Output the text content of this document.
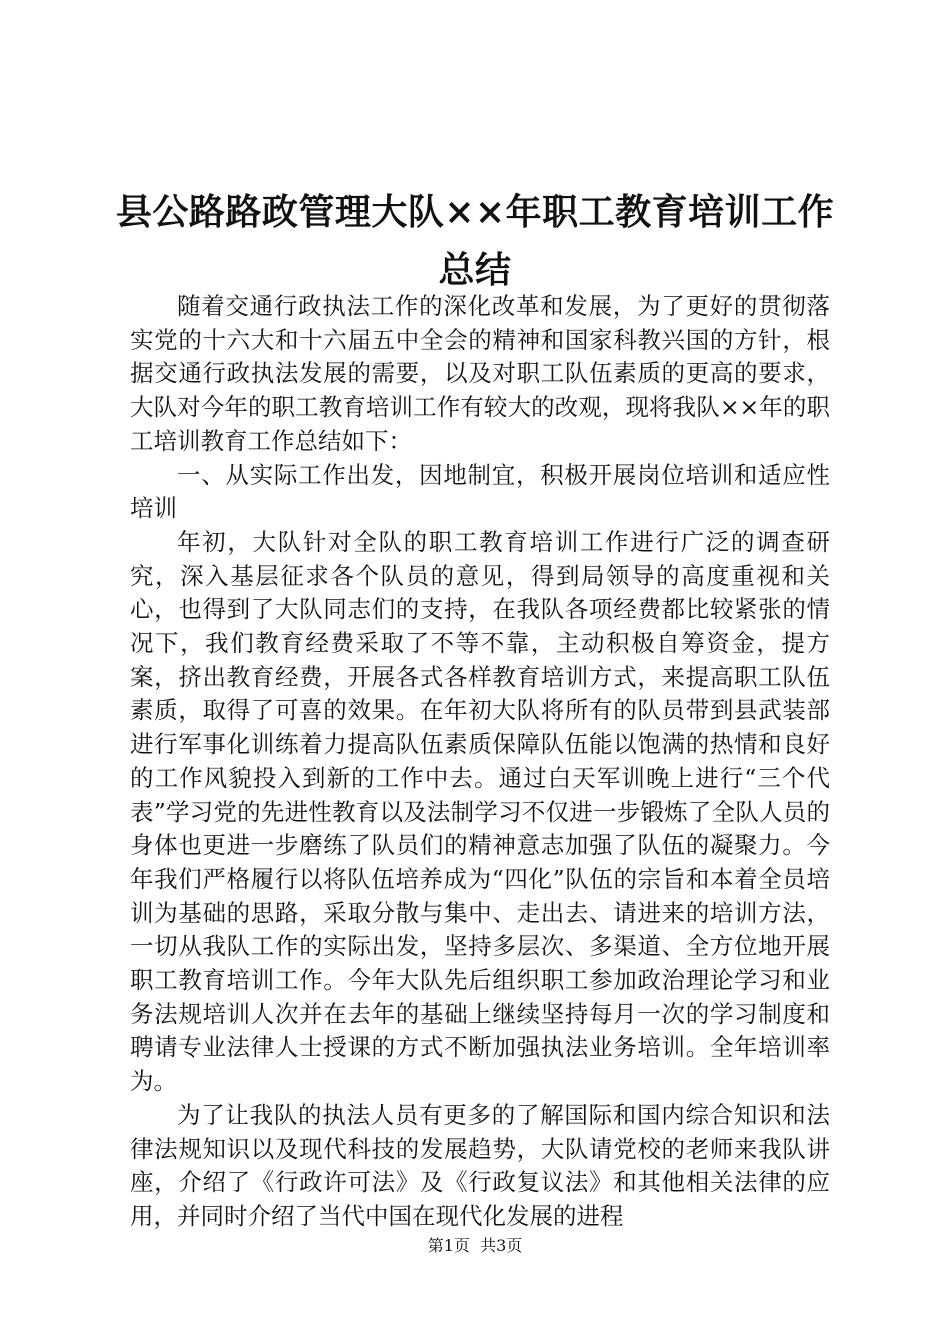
县公路路政管理大队××年职工教育培训工作
总结

随着交通行政执法工作的深化改革和发展，为了更好的贯彻落实党的十六大和十六届五中全会的精神和国家科教兴国的方针，根据交通行政执法发展的需要，以及对职工队伍素质的更高的要求，大队对今年的职工教育培训工作有较大的改观，现将我队××年的职工培训教育工作总结如下：

一、从实际工作出发，因地制宜，积极开展岗位培训和适应性培训

年初，大队针对全队的职工教育培训工作进行广泛的调查研究，深入基层征求各个队员的意见，得到局领导的高度重视和关心，也得到了大队同志们的支持，在我队各项经费都比较紧张的情况下，我们教育经费采取了不等不靠，主动积极自筹资金，提方案，挤出教育经费，开展各式各样教育培训方式，来提高职工队伍素质，取得了可喜的效果。在年初大队将所有的队员带到县武装部进行军事化训练着力提高队伍素质保障队伍能以饱满的热情和良好的工作风貌投入到新的工作中去。通过白天军训晚上进行“三个代表”学习党的先进性教育以及法制学习不仅进一步锻炼了全队人员的身体也更进一步磨练了队员们的精神意志加强了队伍的凝聚力。今年我们严格履行以将队伍培养成为“四化”队伍的宗旨和本着全员培训为基础的思路，采取分散与集中、走出去、请进来的培训方法，一切从我队工作的实际出发，坚持多层次、多渠道、全方位地开展职工教育培训工作。今年大队先后组织职工参加政治理论学习和业务法规培训人次并在去年的基础上继续坚持每月一次的学习制度和聘请专业法律人士授课的方式不断加强执法业务培训。全年培训率为。

为了让我队的执法人员有更多的了解国际和国内综合知识和法律法规知识以及现代科技的发展趋势，大队请党校的老师来我队讲座，介绍了《行政许可法》及《行政复议法》和其他相关法律的应用，并同时介绍了当代中国在现代化发展的进程

第1页  共3页
